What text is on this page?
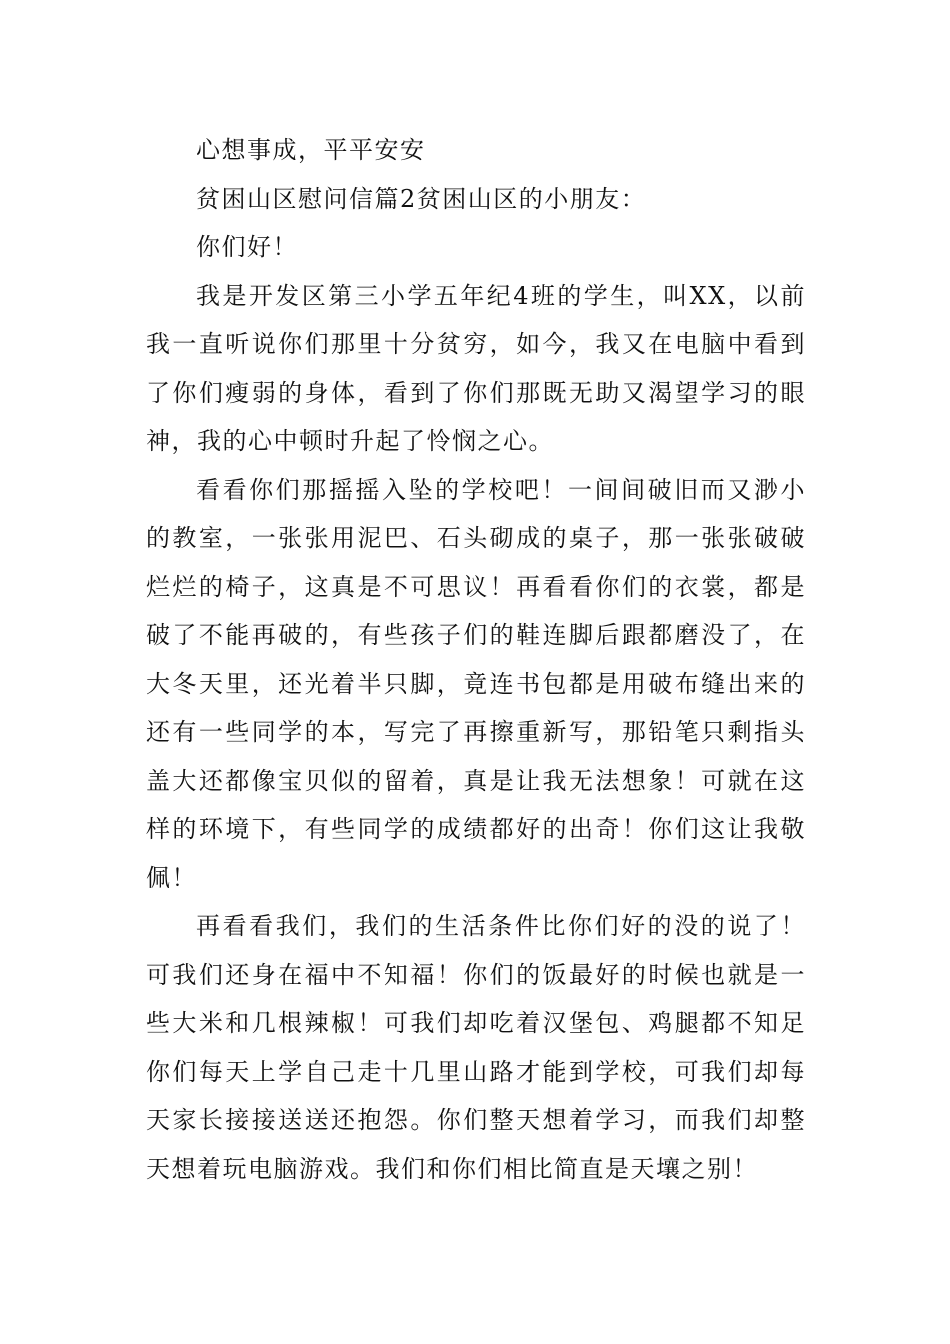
心想事成，平平安安
贫困山区慰问信篇2贫困山区的小朋友：
你们好！
我是开发区第三小学五年纪4班的学生，叫XX，以前
我一直听说你们那里十分贫穷，如今，我又在电脑中看到
了你们瘦弱的身体，看到了你们那既无助又渴望学习的眼
神，我的心中顿时升起了怜悯之心。
看看你们那摇摇入坠的学校吧！一间间破旧而又渺小
的教室，一张张用泥巴、石头砌成的桌子，那一张张破破
烂烂的椅子，这真是不可思议！再看看你们的衣裳，都是
破了不能再破的，有些孩子们的鞋连脚后跟都磨没了，在
大冬天里，还光着半只脚，竟连书包都是用破布缝出来的
还有一些同学的本，写完了再擦重新写，那铅笔只剩指头
盖大还都像宝贝似的留着，真是让我无法想象！可就在这
样的环境下，有些同学的成绩都好的出奇！你们这让我敬
佩！
再看看我们，我们的生活条件比你们好的没的说了！
可我们还身在福中不知福！你们的饭最好的时候也就是一
些大米和几根辣椒！可我们却吃着汉堡包、鸡腿都不知足
你们每天上学自己走十几里山路才能到学校，可我们却每
天家长接接送送还抱怨。你们整天想着学习，而我们却整
天想着玩电脑游戏。我们和你们相比简直是天壤之别！
